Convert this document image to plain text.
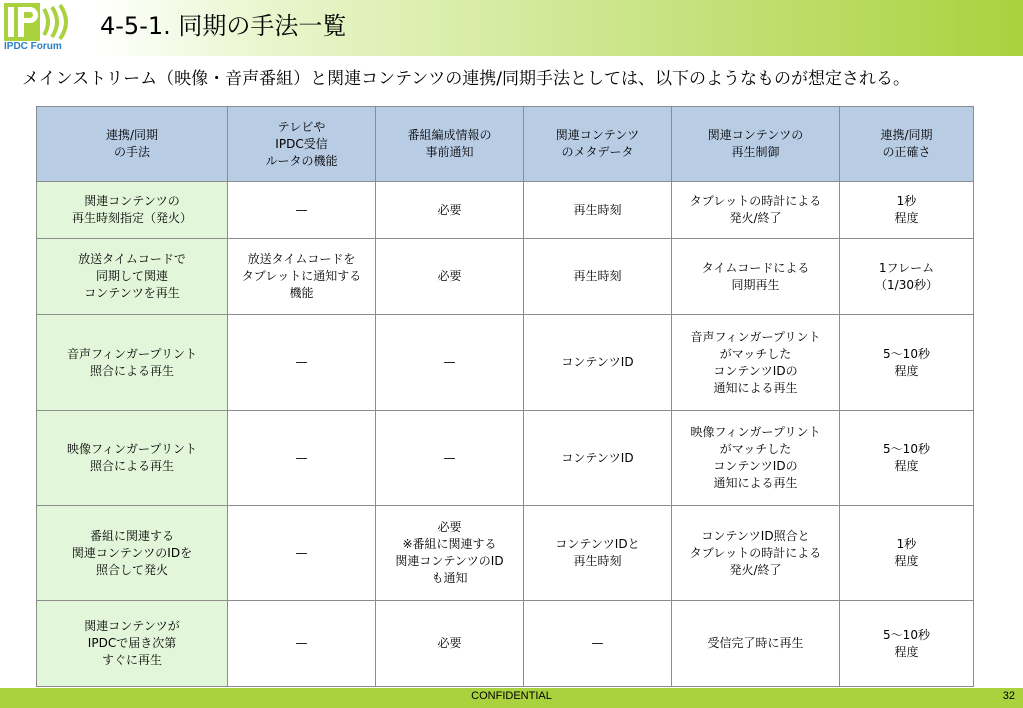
IPDC Forum
4-5-1. 同期の手法一覧
メインストリーム（映像・音声番組）と関連コンテンツの連携/同期手法としては、以下のようなものが想定される。
連携/同期
の手法	テレビや
IPDC受信
ルータの機能	番組編成情報の
事前通知	関連コンテンツ
のメタデータ	関連コンテンツの
再生制御	連携/同期
の正確さ
関連コンテンツの
再生時刻指定（発火）	—	必要	再生時刻	タブレットの時計による
発火/終了	1秒
程度
放送タイムコードで
同期して関連
コンテンツを再生	放送タイムコードを
タブレットに通知する
機能	必要	再生時刻	タイムコードによる
同期再生	1フレーム
（1/30秒）
音声フィンガープリント
照合による再生	—	—	コンテンツID	音声フィンガープリント
がマッチした
コンテンツIDの
通知による再生	5〜10秒
程度
映像フィンガープリント
照合による再生	—	—	コンテンツID	映像フィンガープリント
がマッチした
コンテンツIDの
通知による再生	5〜10秒
程度
番組に関連する
関連コンテンツのIDを
照合して発火	—	必要
※番組に関連する
関連コンテンツのID
も通知	コンテンツIDと
再生時刻	コンテンツID照合と
タブレットの時計による
発火/終了	1秒
程度
関連コンテンツが
IPDCで届き次第
すぐに再生	—	必要	—	受信完了時に再生	5〜10秒
程度
CONFIDENTIAL	32
